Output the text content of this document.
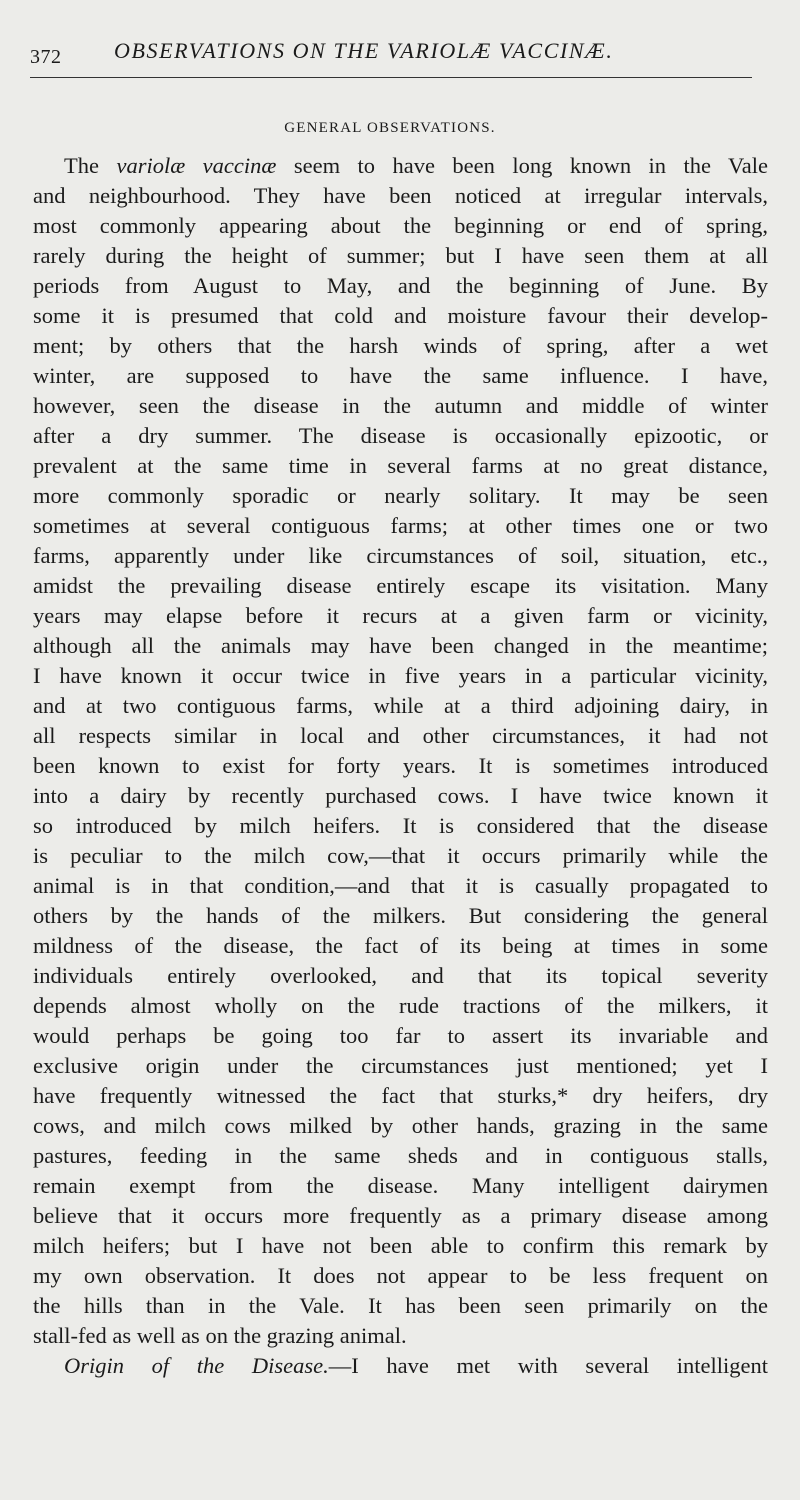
372 OBSERVATIONS ON THE VARIOLÆ VACCINÆ.
GENERAL OBSERVATIONS.
The variolæ vaccinæ seem to have been long known in the Vale
and neighbourhood. They have been noticed at irregular intervals,
most commonly appearing about the beginning or end of spring,
rarely during the height of summer; but I have seen them at all
periods from August to May, and the beginning of June. By
some it is presumed that cold and moisture favour their develop-
ment; by others that the harsh winds of spring, after a wet
winter, are supposed to have the same influence. I have,
however, seen the disease in the autumn and middle of winter
after a dry summer. The disease is occasionally epizootic, or
prevalent at the same time in several farms at no great distance,
more commonly sporadic or nearly solitary. It may be seen
sometimes at several contiguous farms; at other times one or two
farms, apparently under like circumstances of soil, situation, etc.,
amidst the prevailing disease entirely escape its visitation. Many
years may elapse before it recurs at a given farm or vicinity,
although all the animals may have been changed in the meantime;
I have known it occur twice in five years in a particular vicinity,
and at two contiguous farms, while at a third adjoining dairy, in
all respects similar in local and other circumstances, it had not
been known to exist for forty years. It is sometimes introduced
into a dairy by recently purchased cows. I have twice known it
so introduced by milch heifers. It is considered that the disease
is peculiar to the milch cow,—that it occurs primarily while the
animal is in that condition,—and that it is casually propagated to
others by the hands of the milkers. But considering the general
mildness of the disease, the fact of its being at times in some
individuals entirely overlooked, and that its topical severity
depends almost wholly on the rude tractions of the milkers, it
would perhaps be going too far to assert its invariable and
exclusive origin under the circumstances just mentioned; yet I
have frequently witnessed the fact that sturks,* dry heifers, dry
cows, and milch cows milked by other hands, grazing in the same
pastures, feeding in the same sheds and in contiguous stalls,
remain exempt from the disease. Many intelligent dairymen
believe that it occurs more frequently as a primary disease among
milch heifers; but I have not been able to confirm this remark by
my own observation. It does not appear to be less frequent on
the hills than in the Vale. It has been seen primarily on the
stall-fed as well as on the grazing animal.
Origin of the Disease.—I have met with several intelligent
